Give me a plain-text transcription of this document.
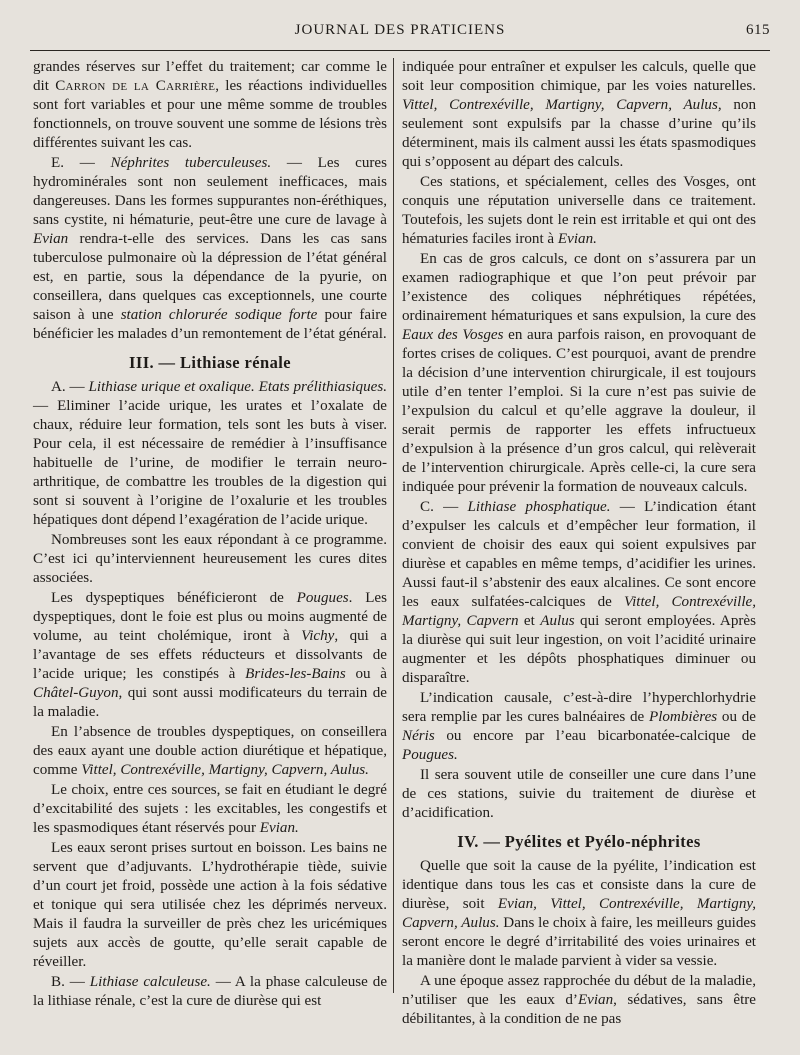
JOURNAL DES PRATICIENS	615

grandes réserves sur l’effet du traitement; car comme le dit Carron de la Carrière, les réactions individuelles sont fort variables et pour une même somme de troubles fonctionnels, on trouve souvent une somme de lésions très différentes suivant les cas.

E. — Néphrites tuberculeuses. — Les cures hydrominérales sont non seulement inefficaces, mais dangereuses. Dans les formes suppurantes non-éréthiques, sans cystite, ni hématurie, peut-être une cure de lavage à Evian rendra-t-elle des services. Dans les cas sans tuberculose pulmonaire où la dépression de l’état général est, en partie, sous la dépendance de la pyurie, on conseillera, dans quelques cas exceptionnels, une courte saison à une station chlorurée sodique forte pour faire bénéficier les malades d’un remontement de l’état général.

III. — Lithiase rénale

A. — Lithiase urique et oxalique. Etats prélithiasiques. — Eliminer l’acide urique, les urates et l’oxalate de chaux, réduire leur formation, tels sont les buts à viser. Pour cela, il est nécessaire de remédier à l’insuffisance habituelle de l’urine, de modifier le terrain neuro-arthritique, de combattre les troubles de la digestion qui sont si souvent à l’origine de l’oxalurie et les troubles hépatiques dont dépend l’exagération de l’acide urique.

Nombreuses sont les eaux répondant à ce programme. C’est ici qu’interviennent heureusement les cures dites associées.

Les dyspeptiques bénéficieront de Pougues. Les dyspeptiques, dont le foie est plus ou moins augmenté de volume, au teint cholémique, iront à Vichy, qui a l’avantage de ses effets réducteurs et dissolvants de l’acide urique; les constipés à Brides-les-Bains ou à Châtel-Guyon, qui sont aussi modificateurs du terrain de la maladie.

En l’absence de troubles dyspeptiques, on conseillera des eaux ayant une double action diurétique et hépatique, comme Vittel, Contrexéville, Martigny, Capvern, Aulus.

Le choix, entre ces sources, se fait en étudiant le degré d’excitabilité des sujets : les excitables, les congestifs et les spasmodiques étant réservés pour Evian.

Les eaux seront prises surtout en boisson. Les bains ne servent que d’adjuvants. L’hydrothérapie tiède, suivie d’un court jet froid, possède une action à la fois sédative et tonique qui sera utilisée chez les déprimés nerveux. Mais il faudra la surveiller de près chez les uricémiques sujets aux accès de goutte, qu’elle serait capable de réveiller.

B. — Lithiase calculeuse. — A la phase calculeuse de la lithiase rénale, c’est la cure de diurèse qui est

indiquée pour entraîner et expulser les calculs, quelle que soit leur composition chimique, par les voies naturelles. Vittel, Contrexéville, Martigny, Capvern, Aulus, non seulement sont expulsifs par la chasse d’urine qu’ils déterminent, mais ils calment aussi les états spasmodiques qui s’opposent au départ des calculs.

Ces stations, et spécialement, celles des Vosges, ont conquis une réputation universelle dans ce traitement. Toutefois, les sujets dont le rein est irritable et qui ont des hématuries faciles iront à Evian.

En cas de gros calculs, ce dont on s’assurera par un examen radiographique et que l’on peut prévoir par l’existence des coliques néphrétiques répétées, ordinairement hématuriques et sans expulsion, la cure des Eaux des Vosges en aura parfois raison, en provoquant de fortes crises de coliques. C’est pourquoi, avant de prendre la décision d’une intervention chirurgicale, il est toujours utile d’en tenter l’emploi. Si la cure n’est pas suivie de l’expulsion du calcul et qu’elle aggrave la douleur, il serait permis de rapporter les effets infructueux d’expulsion à la présence d’un gros calcul, qui relèverait de l’intervention chirurgicale. Après celle-ci, la cure sera indiquée pour prévenir la formation de nouveaux calculs.

C. — Lithiase phosphatique. — L’indication étant d’expulser les calculs et d’empêcher leur formation, il convient de choisir des eaux qui soient expulsives par diurèse et capables en même temps, d’acidifier les urines. Aussi faut-il s’abstenir des eaux alcalines. Ce sont encore les eaux sulfatées-calciques de Vittel, Contrexéville, Martigny, Capvern et Aulus qui seront employées. Après la diurèse qui suit leur ingestion, on voit l’acidité urinaire augmenter et les dépôts phosphatiques diminuer ou disparaître.

L’indication causale, c’est-à-dire l’hyperchlorhydrie sera remplie par les cures balnéaires de Plombières ou de Néris ou encore par l’eau bicarbonatée-calcique de Pougues.

Il sera souvent utile de conseiller une cure dans l’une de ces stations, suivie du traitement de diurèse et d’acidification.

IV. — Pyélites et Pyélo-néphrites

Quelle que soit la cause de la pyélite, l’indication est identique dans tous les cas et consiste dans la cure de diurèse, soit Evian, Vittel, Contrexéville, Martigny, Capvern, Aulus. Dans le choix à faire, les meilleurs guides seront encore le degré d’irritabilité des voies urinaires et la manière dont le malade parvient à vider sa vessie.

A une époque assez rapprochée du début de la maladie, n’utiliser que les eaux d’Evian, sédatives, sans être débilitantes, à la condition de ne pas
